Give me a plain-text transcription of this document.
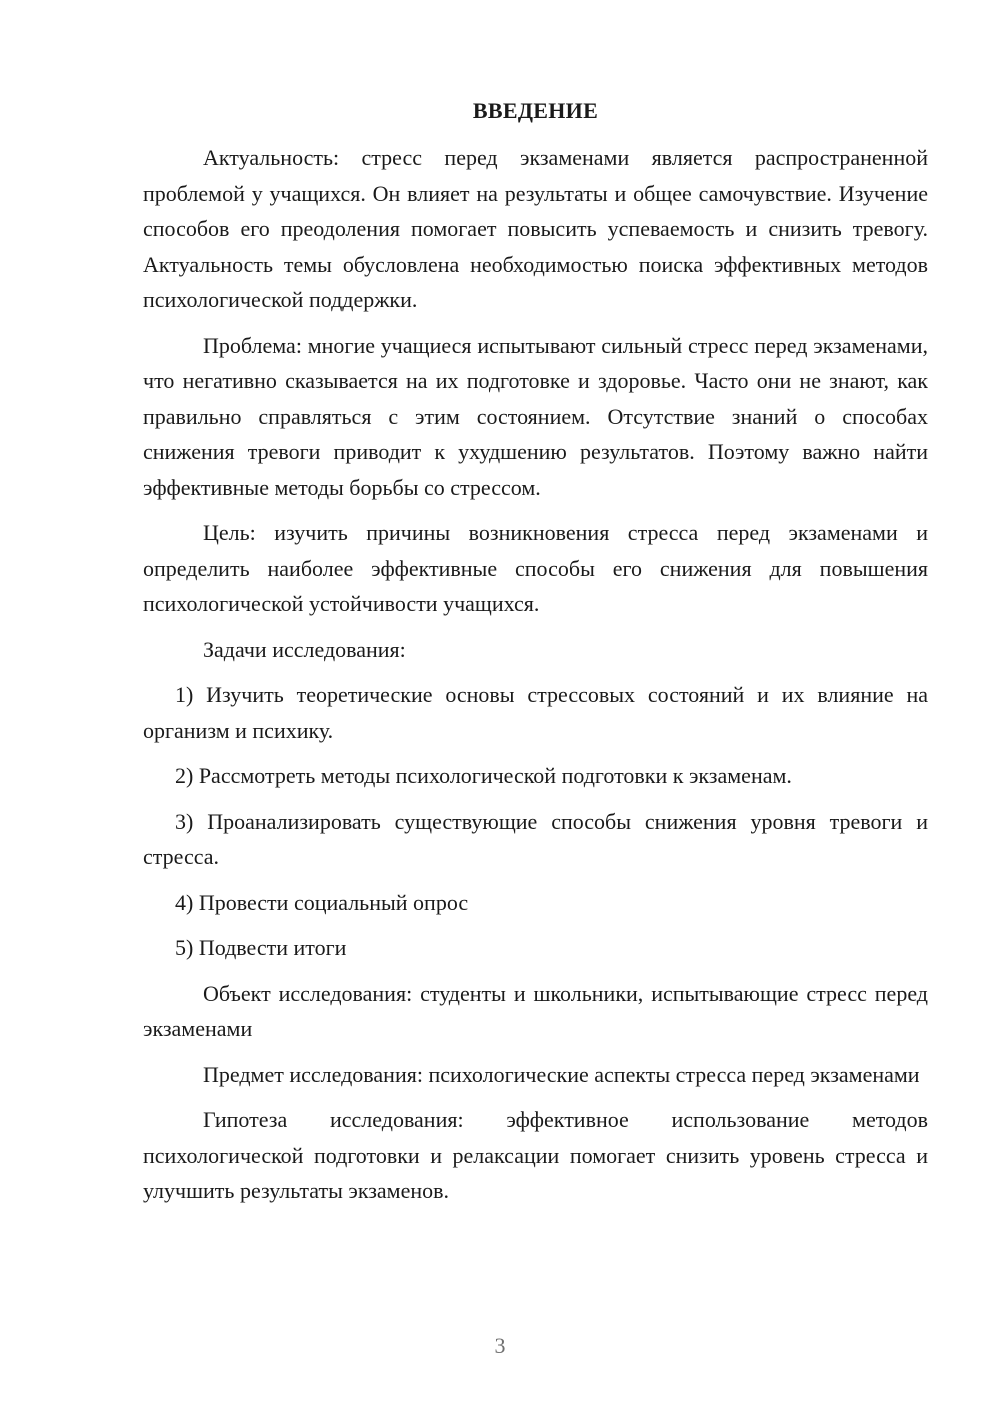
ВВЕДЕНИЕ

Актуальность: стресс перед экзаменами является распространенной проблемой у учащихся. Он влияет на результаты и общее самочувствие. Изучение способов его преодоления помогает повысить успеваемость и снизить тревогу. Актуальность темы обусловлена необходимостью поиска эффективных методов психологической поддержки.

Проблема: многие учащиеся испытывают сильный стресс перед экзаменами, что негативно сказывается на их подготовке и здоровье. Часто они не знают, как правильно справляться с этим состоянием. Отсутствие знаний о способах снижения тревоги приводит к ухудшению результатов. Поэтому важно найти эффективные методы борьбы со стрессом.

Цель: изучить причины возникновения стресса перед экзаменами и определить наиболее эффективные способы его снижения для повышения психологической устойчивости учащихся.

Задачи исследования:

1) Изучить теоретические основы стрессовых состояний и их влияние на организм и психику.

2) Рассмотреть методы психологической подготовки к экзаменам.

3) Проанализировать существующие способы снижения уровня тревоги и стресса.

4) Провести социальный опрос

5) Подвести итоги

Объект исследования: студенты и школьники, испытывающие стресс перед экзаменами

Предмет исследования: психологические аспекты стресса перед экзаменами

Гипотеза исследования: эффективное использование методов психологической подготовки и релаксации помогает снизить уровень стресса и улучшить результаты экзаменов.

3
